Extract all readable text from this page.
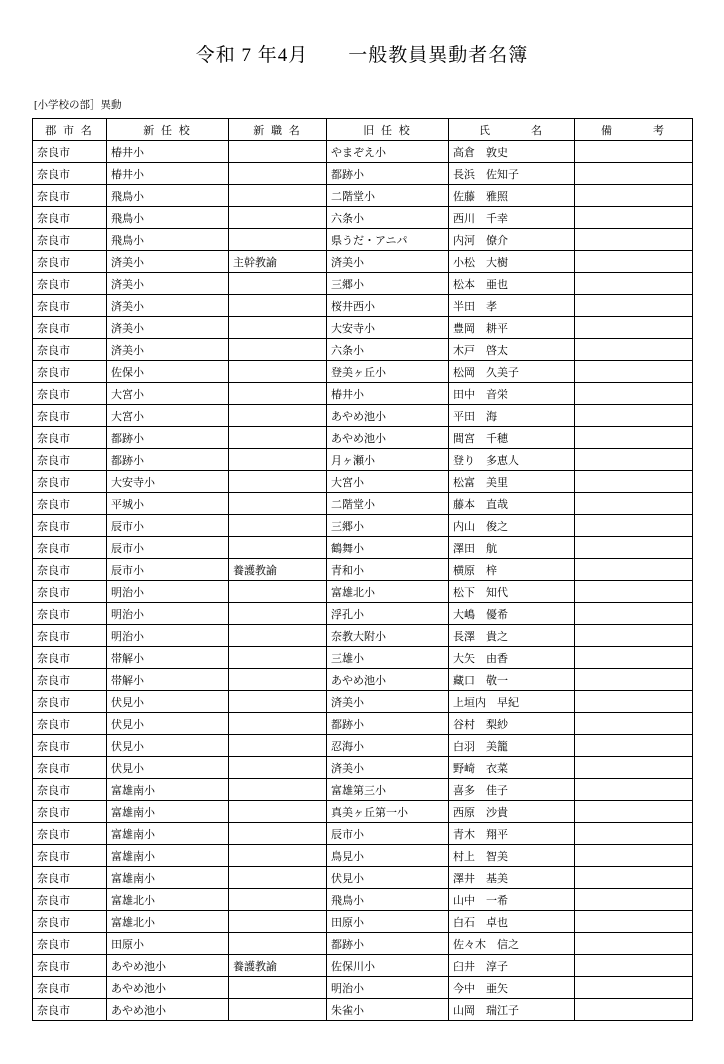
令和 7 年4月　　一般教員異動者名簿
[小学校の部］異動
郡 市 名	新 任 校	新 職 名	旧 任 校	氏　　　名	備　　　考
奈良市	椿井小		やまぞえ小	高倉　敦史	
奈良市	椿井小		都跡小	長浜　佐知子	
奈良市	飛鳥小		二階堂小	佐藤　雅照	
奈良市	飛鳥小		六条小	西川　千幸	
奈良市	飛鳥小		県うだ・アニパ	内河　僚介	
奈良市	済美小	主幹教諭	済美小	小松　大樹	
奈良市	済美小		三郷小	松本　亜也	
奈良市	済美小		桜井西小	半田　孝	
奈良市	済美小		大安寺小	豊岡　耕平	
奈良市	済美小		六条小	木戸　啓太	
奈良市	佐保小		登美ヶ丘小	松岡　久美子	
奈良市	大宮小		椿井小	田中　音栄	
奈良市	大宮小		あやめ池小	平田　海	
奈良市	都跡小		あやめ池小	間宮　千穂	
奈良市	都跡小		月ヶ瀬小	登り　多恵人	
奈良市	大安寺小		大宮小	松富　美里	
奈良市	平城小		二階堂小	藤本　直哉	
奈良市	辰市小		三郷小	内山　俊之	
奈良市	辰市小		鶴舞小	澤田　航	
奈良市	辰市小	養護教諭	青和小	横原　梓	
奈良市	明治小		富雄北小	松下　知代	
奈良市	明治小		浮孔小	大嶋　優希	
奈良市	明治小		奈教大附小	長澤　貴之	
奈良市	帯解小		三雄小	大矢　由香	
奈良市	帯解小		あやめ池小	藏口　敬一	
奈良市	伏見小		済美小	上垣内　早紀	
奈良市	伏見小		都跡小	谷村　梨紗	
奈良市	伏見小		忍海小	白羽　美籠	
奈良市	伏見小		済美小	野崎　衣菜	
奈良市	富雄南小		富雄第三小	喜多　佳子	
奈良市	富雄南小		真美ヶ丘第一小	西原　沙貴	
奈良市	富雄南小		辰市小	青木　翔平	
奈良市	富雄南小		鳥見小	村上　智美	
奈良市	富雄南小		伏見小	澤井　基美	
奈良市	富雄北小		飛鳥小	山中　一希	
奈良市	富雄北小		田原小	白石　卓也	
奈良市	田原小		都跡小	佐々木　信之	
奈良市	あやめ池小	養護教諭	佐保川小	臼井　淳子	
奈良市	あやめ池小		明治小	今中　亜矢	
奈良市	あやめ池小		朱雀小	山岡　瑞江子	
